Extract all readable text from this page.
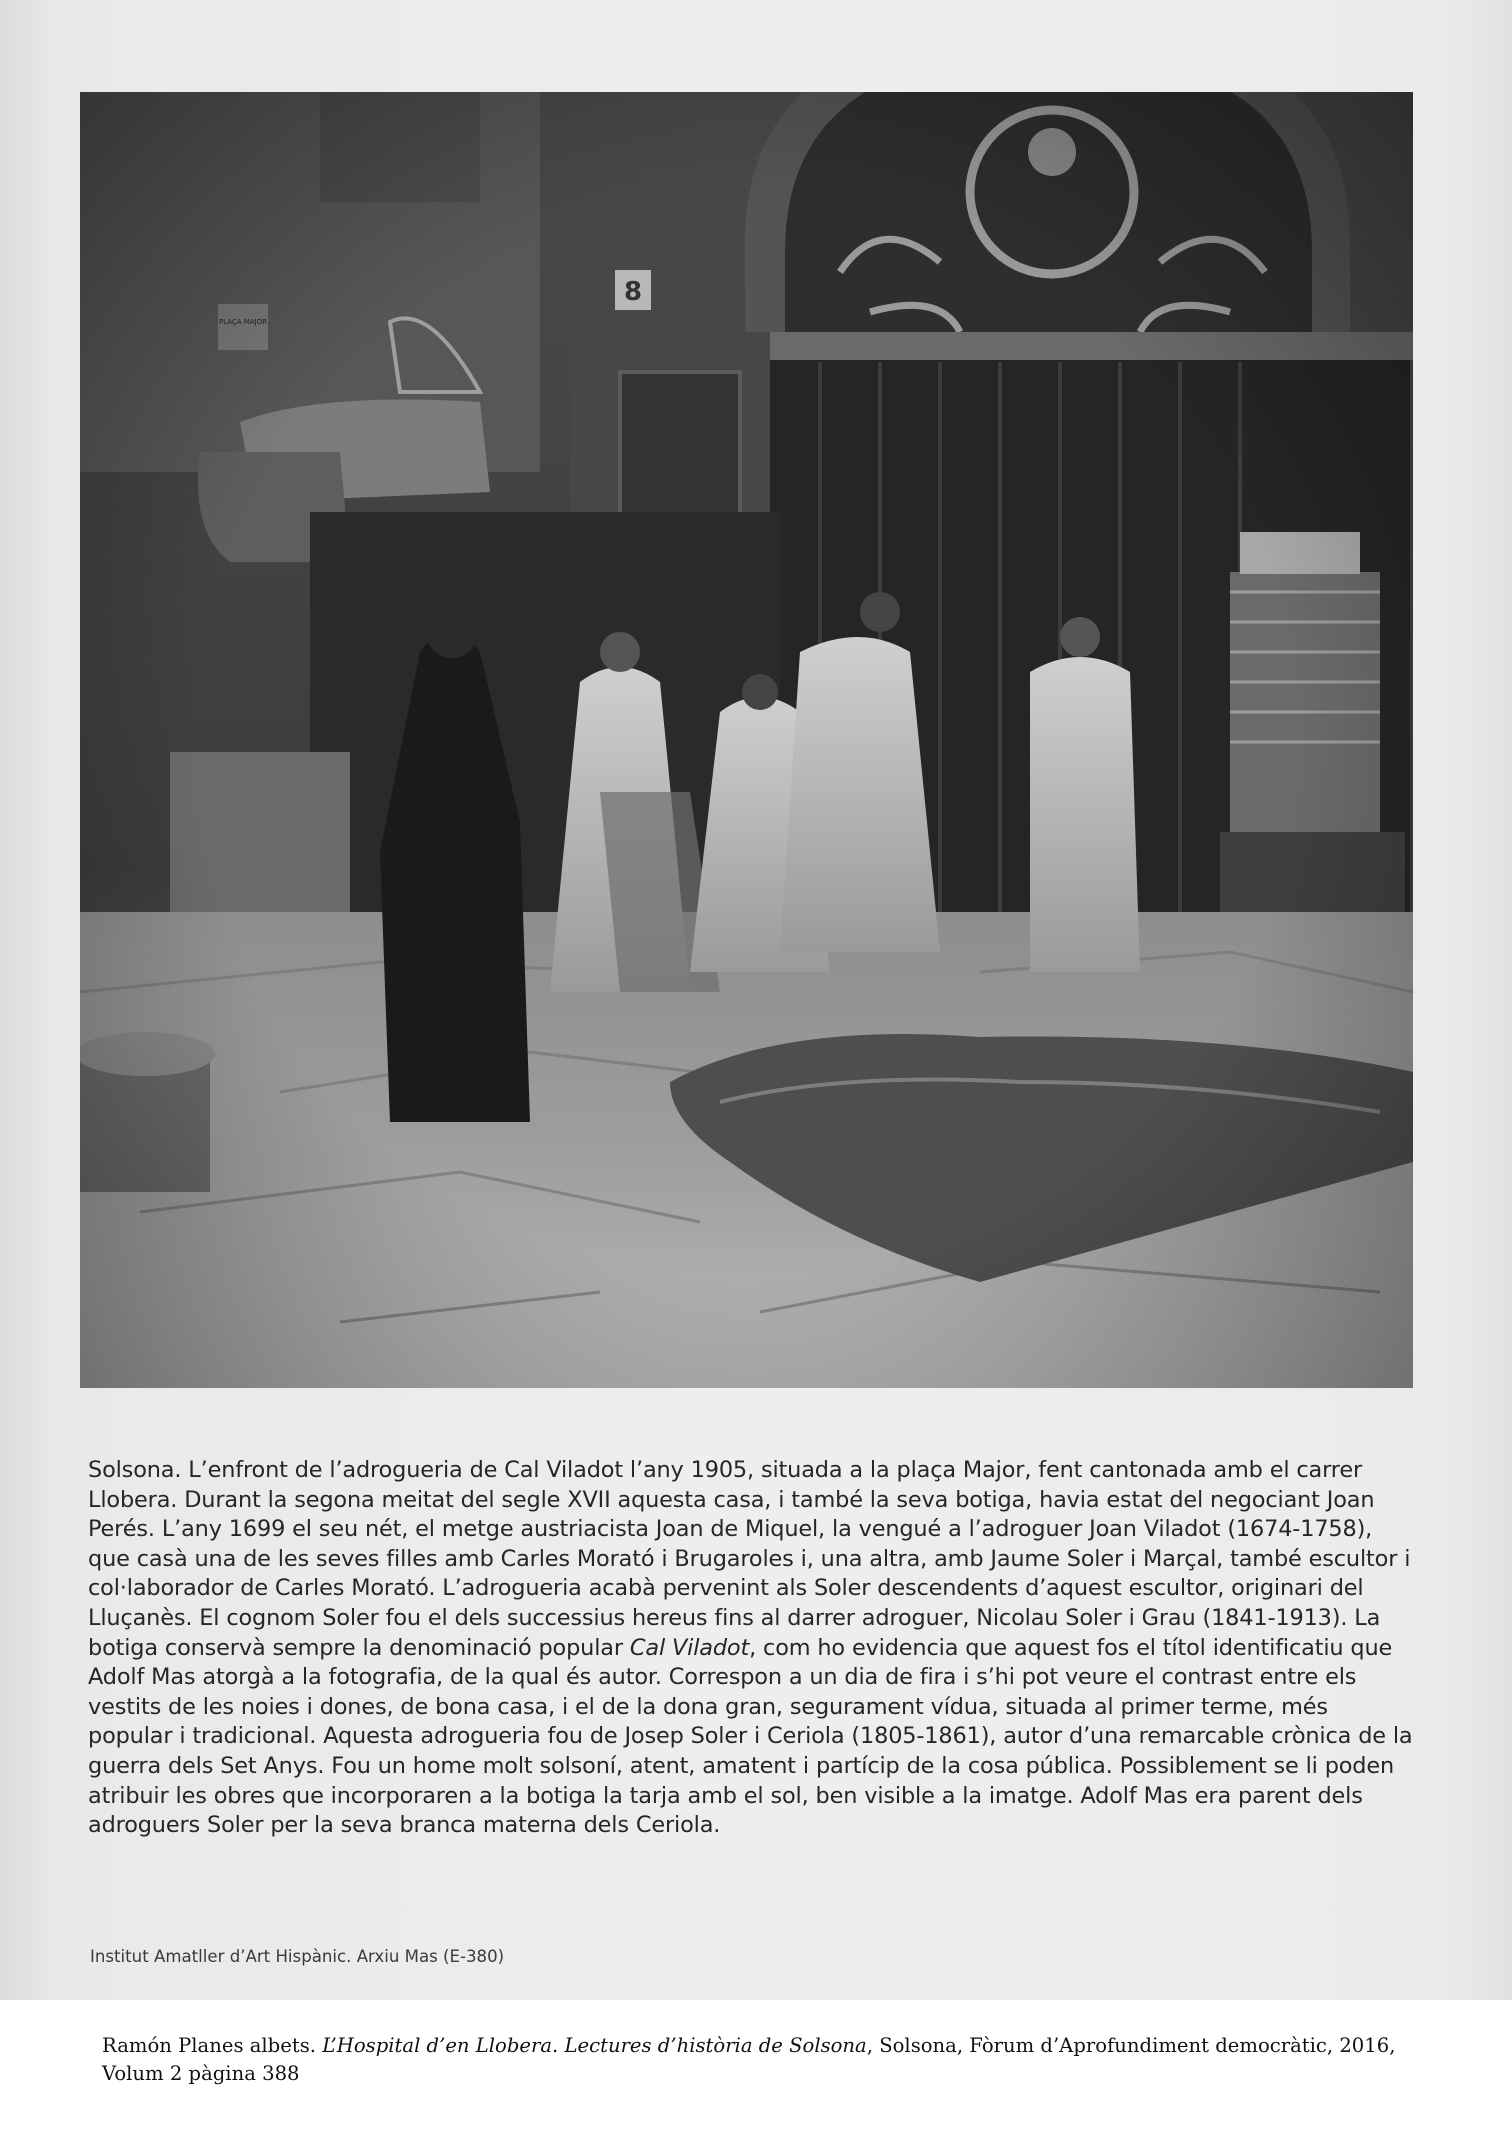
Solsona. L’enfront de l’adrogueria de Cal Viladot l’any 1905, situada a la plaça Major, fent cantonada amb el carrer Llobera. Durant la segona meitat del segle XVII aquesta casa, i també la seva botiga, havia estat del negociant Joan Perés. L’any 1699 el seu nét, el metge austriacista Joan de Miquel, la vengué a l’adroguer Joan Viladot (1674-1758), que casà una de les seves filles amb Carles Morató i Brugaroles i, una altra, amb Jaume Soler i Marçal, també escultor i col·laborador de Carles Morató. L’adrogueria acabà pervenint als Soler descendents d’aquest escultor, originari del Lluçanès. El cognom Soler fou el dels successius hereus fins al darrer adroguer, Nicolau Soler i Grau (1841-1913). La botiga conservà sempre la denominació popular Cal Viladot, com ho evidencia que aquest fos el títol identificatiu que Adolf Mas atorgà a la fotografia, de la qual és autor. Correspon a un dia de fira i s’hi pot veure el contrast entre els vestits de les noies i dones, de bona casa, i el de la dona gran, segurament vídua, situada al primer terme, més popular i tradicional. Aquesta adrogueria fou de Josep Soler i Ceriola (1805-1861), autor d’una remarcable crònica de la guerra dels Set Anys. Fou un home molt solsoní, atent, amatent i partícip de la cosa pública. Possiblement se li poden atribuir les obres que incorporaren a la botiga la tarja amb el sol, ben visible a la imatge. Adolf Mas era parent dels adroguers Soler per la seva branca materna dels Ceriola.

Institut Amatller d’Art Hispànic. Arxiu Mas (E-380)
Ramón Planes albets. L’Hospital d’en Llobera. Lectures d’història de Solsona, Solsona, Fòrum d’Aprofundiment democràtic, 2016, Volum 2 pàgina 388
